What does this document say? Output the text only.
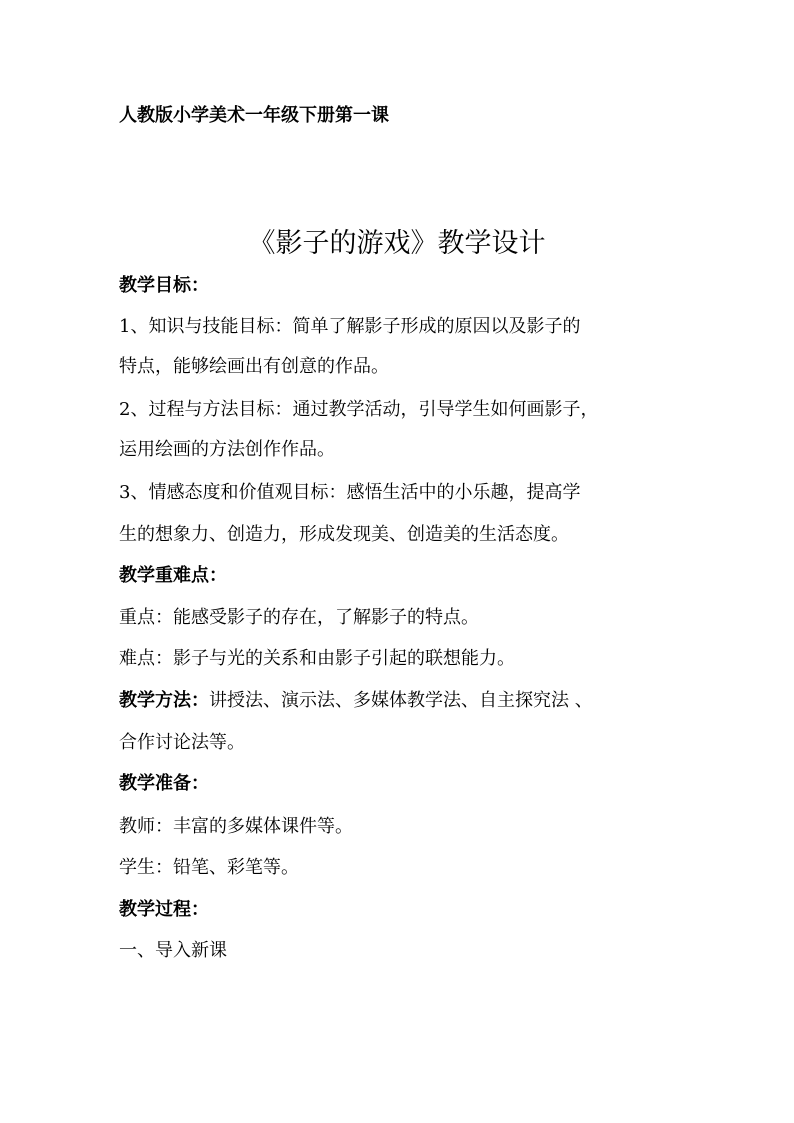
人教版小学美术一年级下册第一课
《影子的游戏》教学设计
教学目标：
1、知识与技能目标：简单了解影子形成的原因以及影子的
特点，能够绘画出有创意的作品。
2、过程与方法目标：通过教学活动，引导学生如何画影子，
运用绘画的方法创作作品。
3、情感态度和价值观目标：感悟生活中的小乐趣，提高学
生的想象力、创造力，形成发现美、创造美的生活态度。
教学重难点：
重点：能感受影子的存在，了解影子的特点。
难点：影子与光的关系和由影子引起的联想能力。
教学方法：讲授法、演示法、多媒体教学法、自主探究法 、
合作讨论法等。
教学准备：
教师：丰富的多媒体课件等。
学生：铅笔、彩笔等。
教学过程：
一、导入新课
